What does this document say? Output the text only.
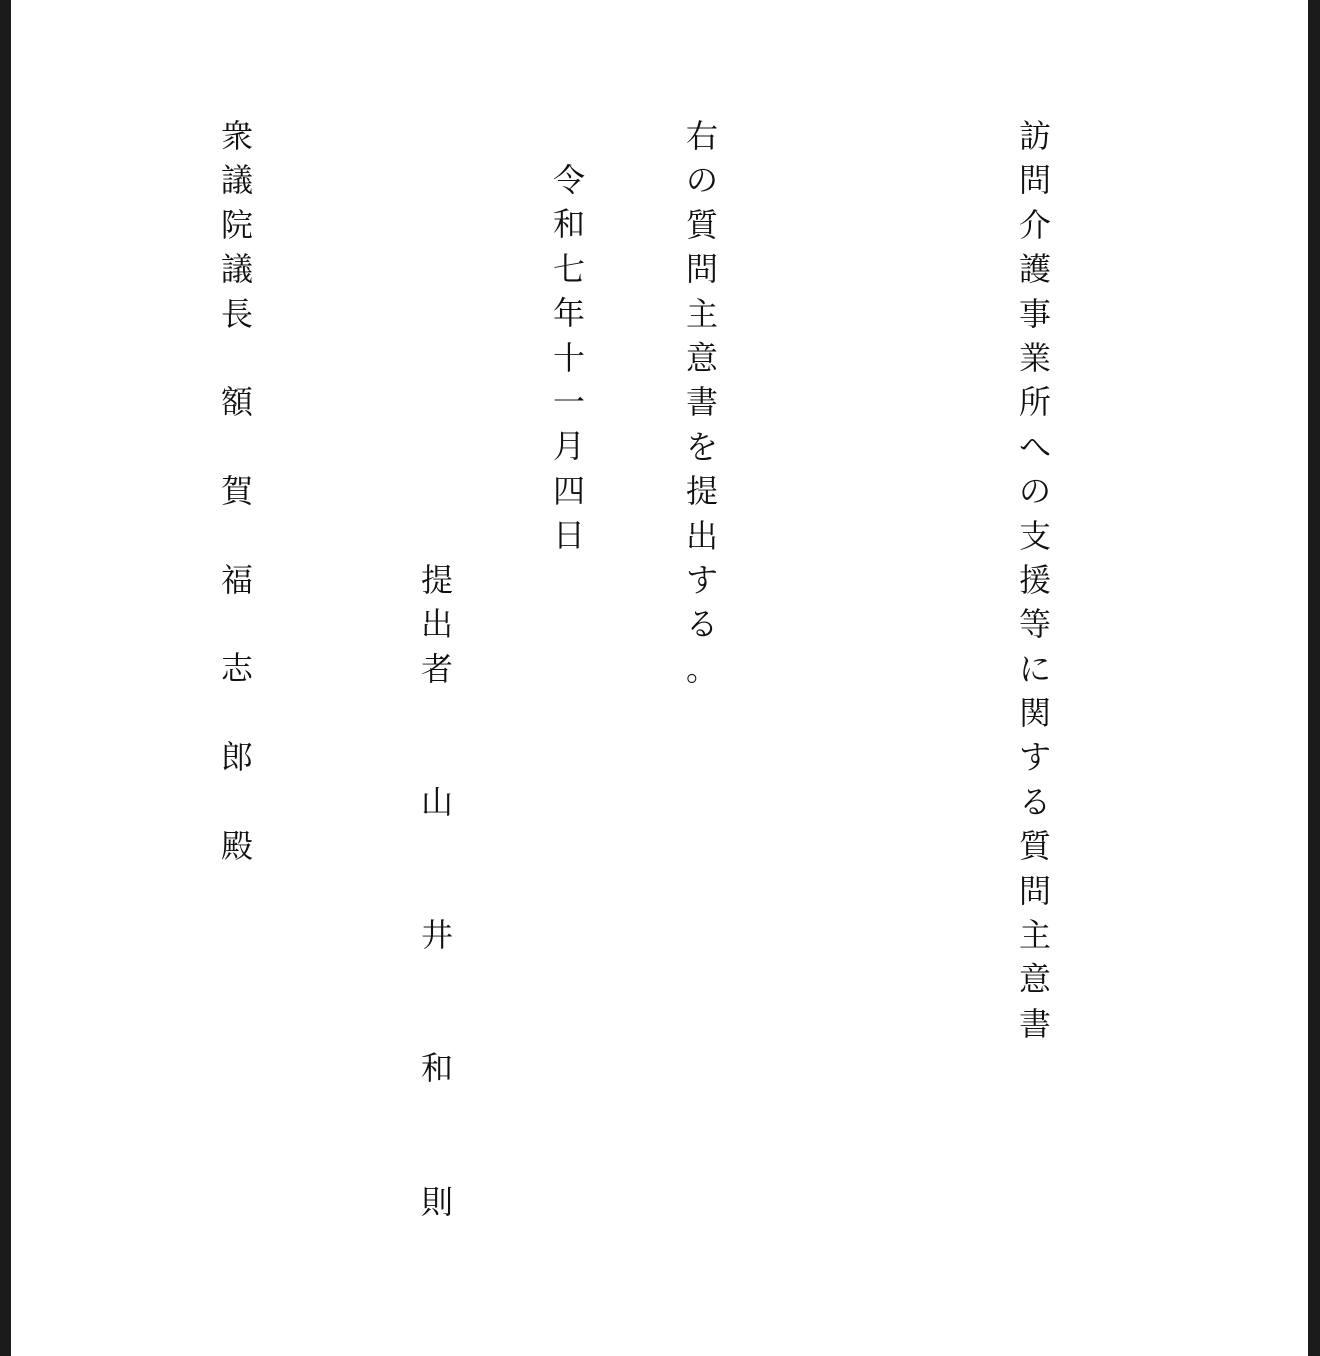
訪
問
介
護
事
業
所
へ
の
支
援
等
に
関
す
る
質
問
主
意
書
右
の
質
問
主
意
書
を
提
出
す
る
。
令
和
七
年
十
一
月
四
日
提
出
者
山
井
和
則
衆
議
院
議
長
額
賀
福
志
郎
殿
